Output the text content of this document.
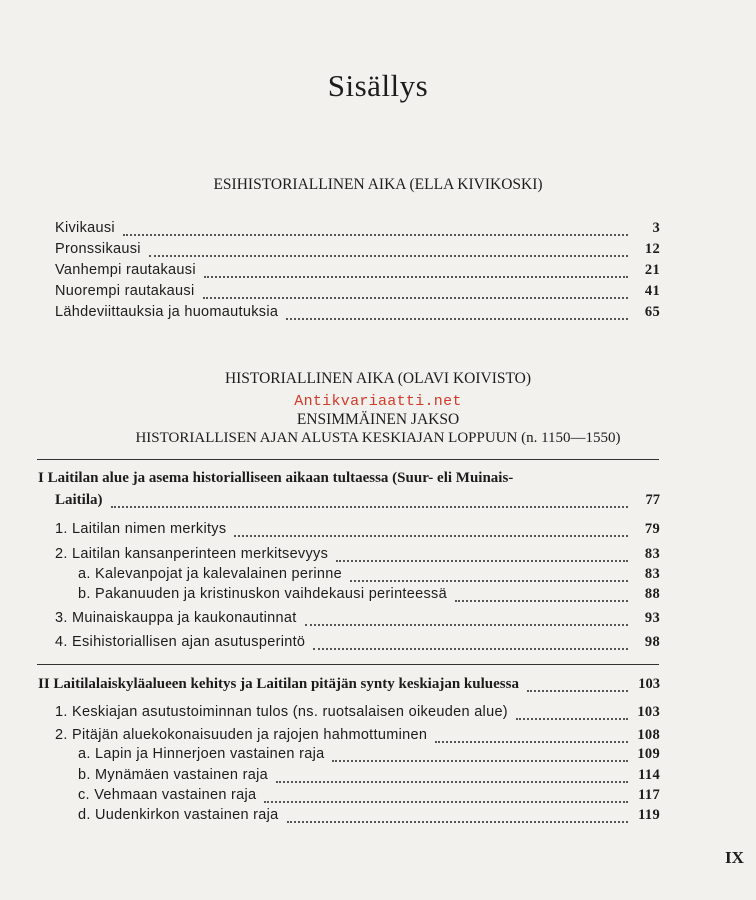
Sisällys
ESIHISTORIALLINEN AIKA (ELLA KIVIKOSKI)
Kivikausi	3
Pronssikausi	12
Vanhempi rautakausi	21
Nuorempi rautakausi	41
Lähdeviittauksia ja huomautuksia	65
HISTORIALLINEN AIKA (OLAVI KOIVISTO)
Antikvariaatti.net
ENSIMMÄINEN JAKSO
HISTORIALLISEN AJAN ALUSTA KESKIAJAN LOPPUUN (n. 1150—1550)
I Laitilan alue ja asema historialliseen aikaan tultaessa (Suur- eli Muinais-
Laitila)	77
1. Laitilan nimen merkitys	79
2. Laitilan kansanperinteen merkitsevyys	83
a. Kalevanpojat ja kalevalainen perinne	83
b. Pakanuuden ja kristinuskon vaihdekausi perinteessä	88
3. Muinaiskauppa ja kaukonautinnat	93
4. Esihistoriallisen ajan asutusperintö	98
II Laitilalaiskyläalueen kehitys ja Laitilan pitäjän synty keskiajan kuluessa	103
1. Keskiajan asutustoiminnan tulos (ns. ruotsalaisen oikeuden alue)	103
2. Pitäjän aluekokonaisuuden ja rajojen hahmottuminen	108
a. Lapin ja Hinnerjoen vastainen raja	109
b. Mynämäen vastainen raja	114
c. Vehmaan vastainen raja	117
d. Uudenkirkon vastainen raja	119
IX
